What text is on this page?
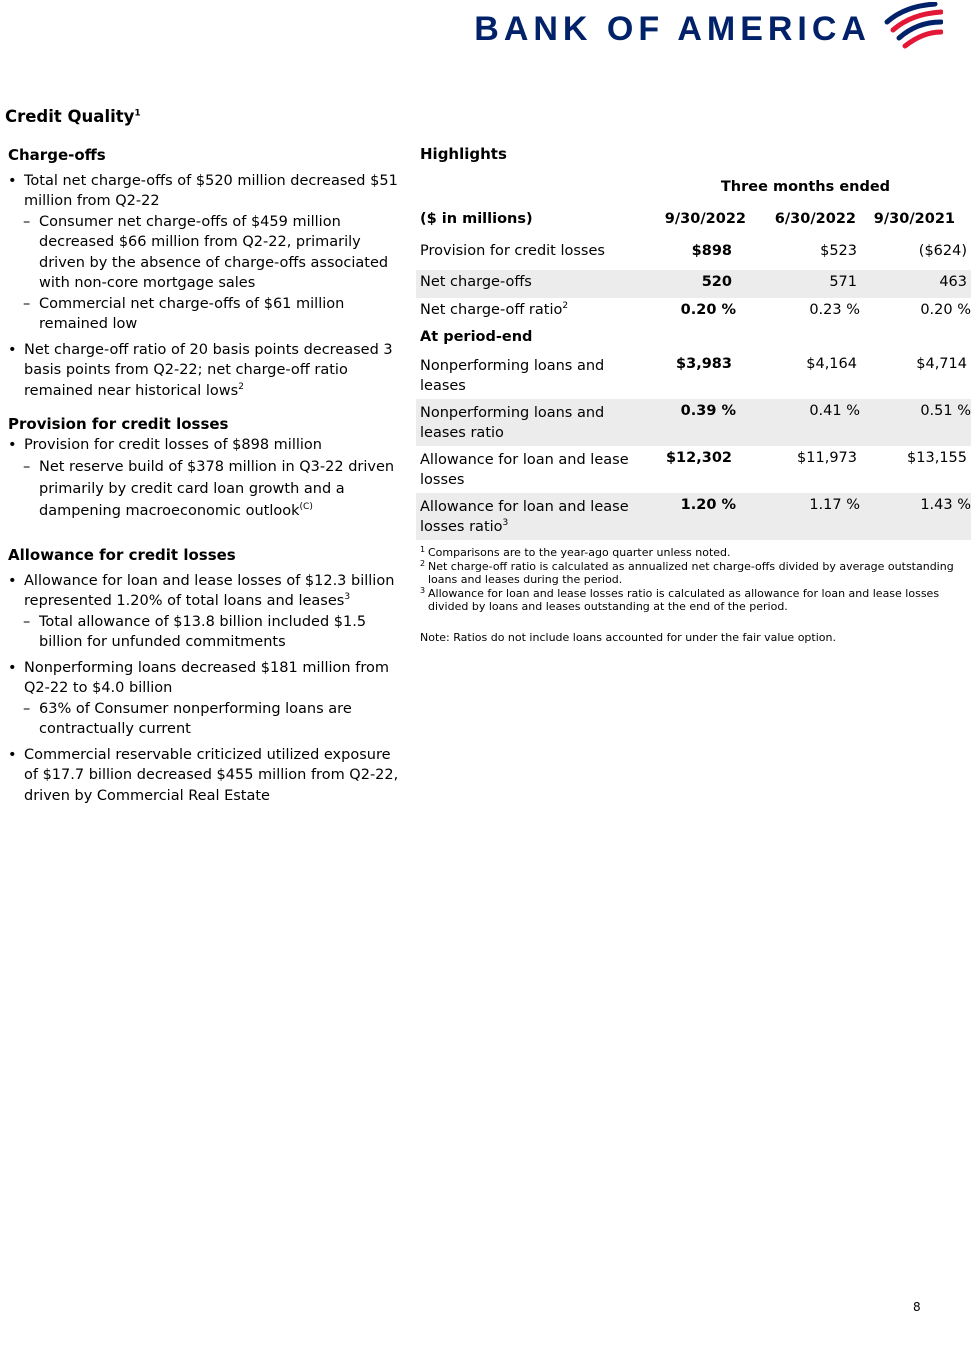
BANK OF AMERICA
Credit Quality$^1$

Charge-offs

• Total net charge-offs of $520 million decreased $51 million from Q2-22

– Consumer net charge-offs of $459 million decreased $66 million from Q2-22, primarily driven by the absence of charge-offs associated with non-core mortgage sales

– Commercial net charge-offs of $61 million remained low

• Net charge-off ratio of 20 basis points decreased 3 basis points from Q2-22; net charge-off ratio remained near historical lows$^2$

Provision for credit losses

• Provision for credit losses of $898 million

– Net reserve build of $378 million in Q3-22 driven primarily by credit card loan growth and a dampening macroeconomic outlook$^{(C)}$

Allowance for credit losses

• Allowance for loan and lease losses of $12.3 billion represented 1.20% of total loans and leases$^3$

– Total allowance of $13.8 billion included $1.5 billion for unfunded commitments

• Nonperforming loans decreased $181 million from Q2-22 to $4.0 billion

– 63% of Consumer nonperforming loans are contractually current

• Commercial reservable criticized utilized exposure of $17.7 billion decreased $455 million from Q2-22, driven by Commercial Real Estate

Highlights
	Three months ended		
($ in millions)	9/30/2022	6/30/2022	9/30/2021
Provision for credit losses	$898	$523	($624)
Net charge-offs	520	571	463
Net charge-off ratio$^2$	0.20 %	0.23 %	0.20 %
At period-end			
Nonperforming loans and leases	$3,983	$4,164	$4,714
Nonperforming loans and leases ratio	0.39 %	0.41 %	0.51 %
Allowance for loan and lease losses	$12,302	$11,973	$13,155
Allowance for loan and lease losses ratio$^3$	1.20 %	1.17 %	1.43 %

1 Comparisons are to the year-ago quarter unless noted.

2 Net charge-off ratio is calculated as annualized net charge-offs divided by average outstanding loans and leases during the period.

3 Allowance for loan and lease losses ratio is calculated as allowance for loan and lease losses divided by loans and leases outstanding at the end of the period.

Note: Ratios do not include loans accounted for under the fair value option.

8
